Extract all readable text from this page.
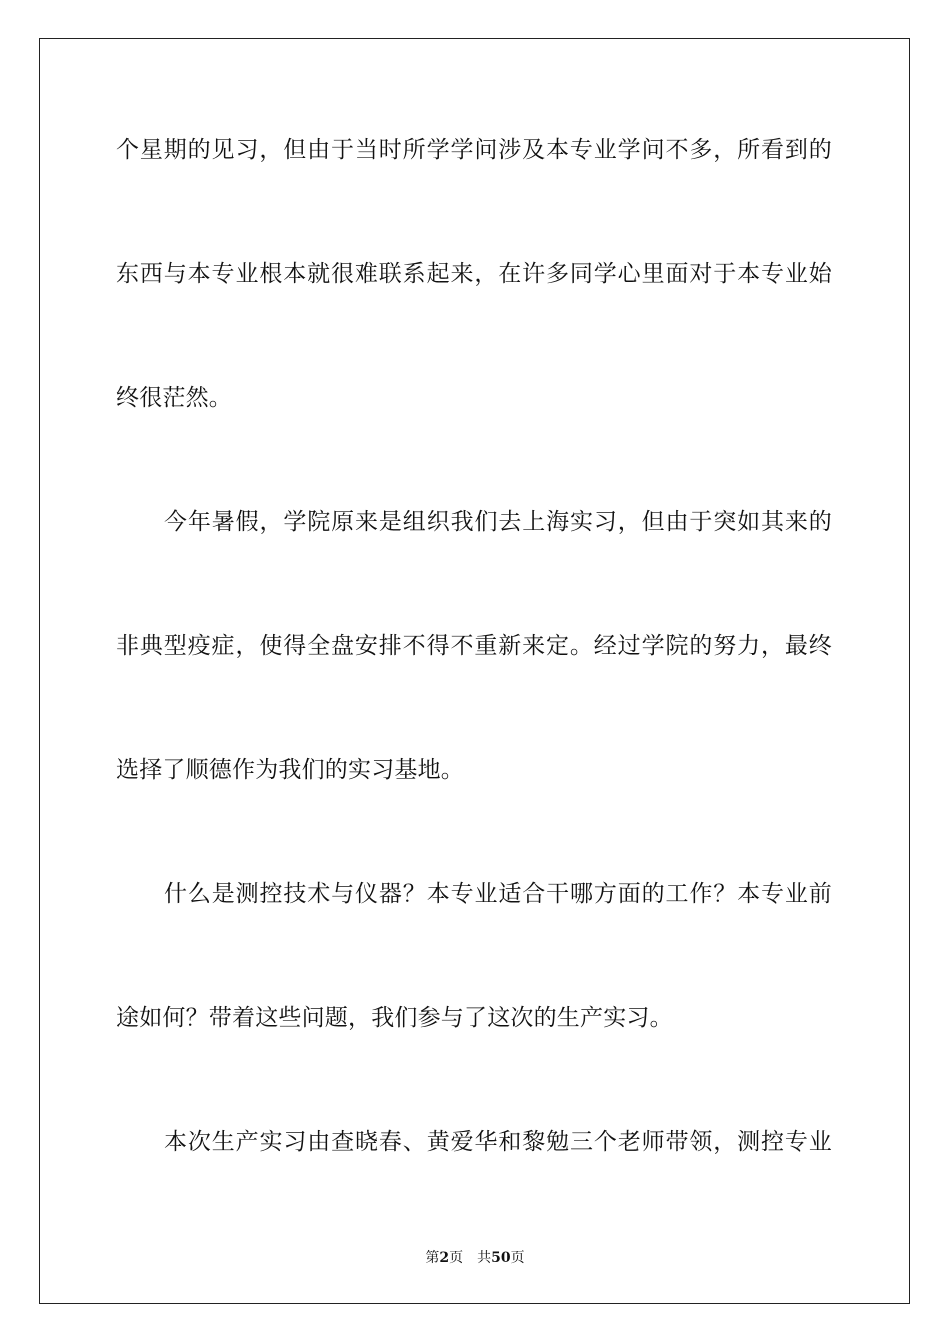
个星期的见习，但由于当时所学学问涉及本专业学问不多，所看到的
东西与本专业根本就很难联系起来，在许多同学心里面对于本专业始
终很茫然。
今年暑假，学院原来是组织我们去上海实习，但由于突如其来的
非典型疫症，使得全盘安排不得不重新来定。经过学院的努力，最终
选择了顺德作为我们的实习基地。
什么是测控技术与仪器？本专业适合干哪方面的工作？本专业前
途如何？带着这些问题，我们参与了这次的生产实习。
本次生产实习由查晓春、黄爱华和黎勉三个老师带领，测控专业
第2页 共50页
